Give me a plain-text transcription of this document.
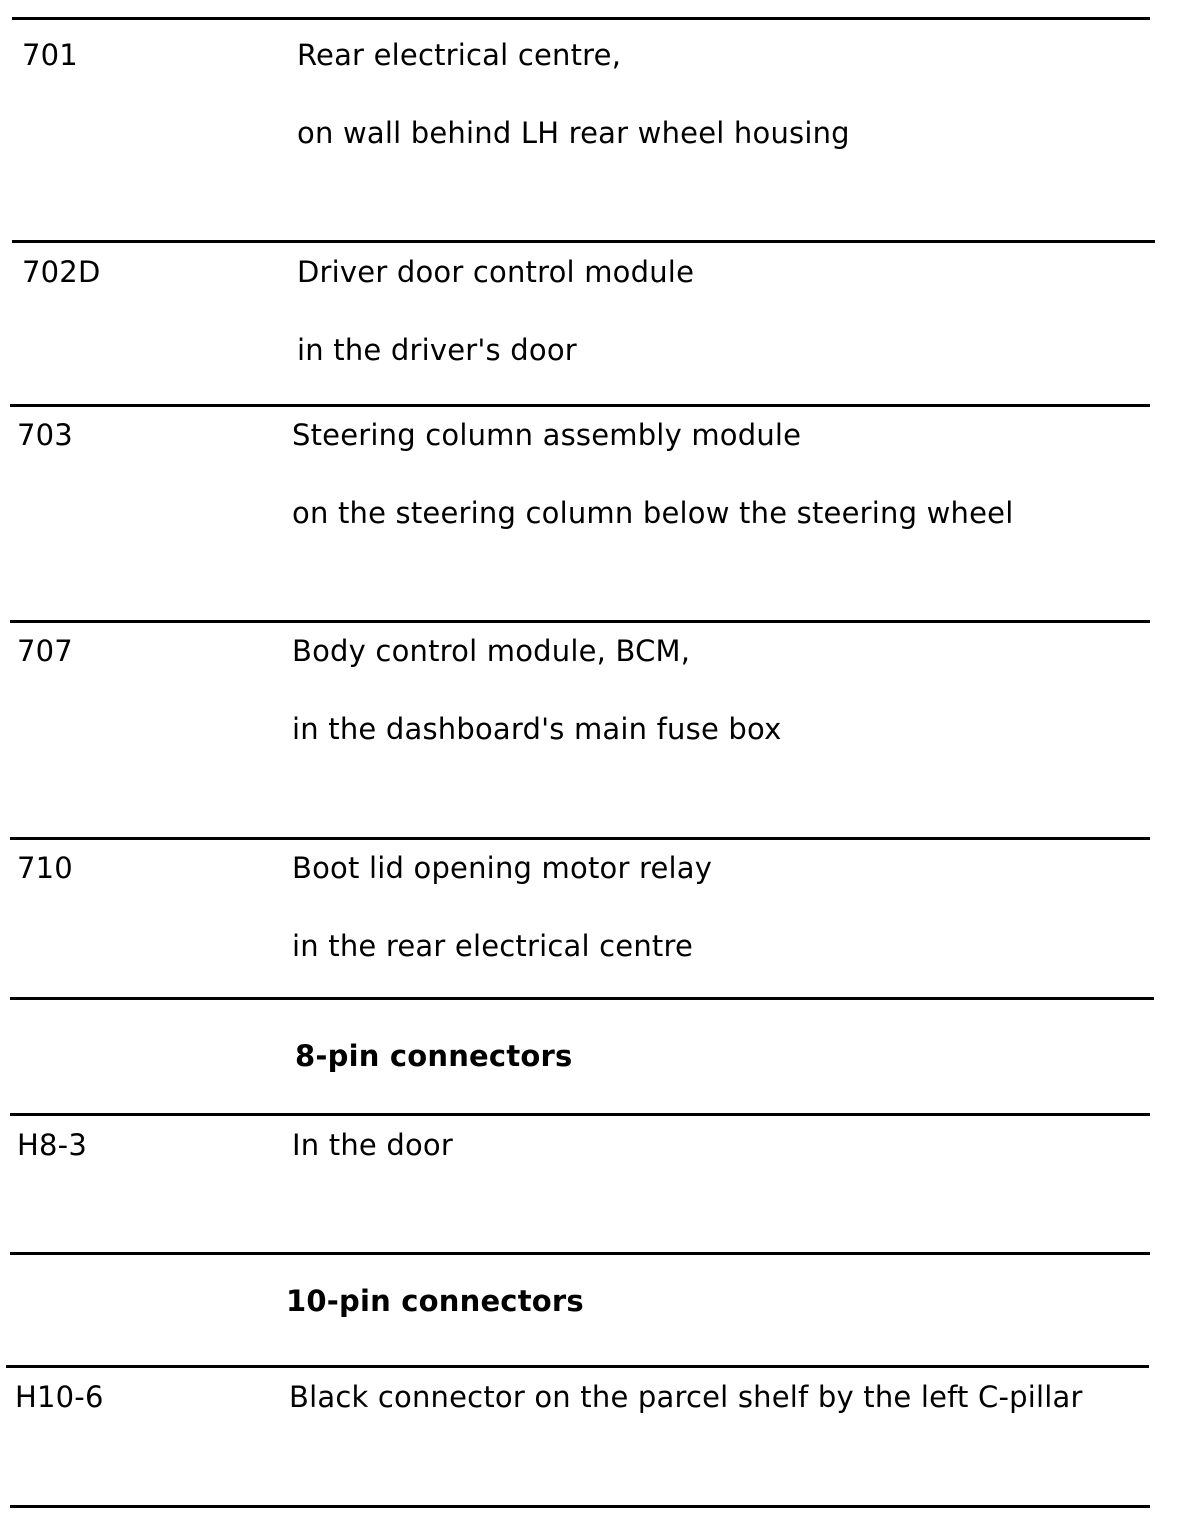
701	Rear electrical centre,
on wall behind LH rear wheel housing
702D	Driver door control module
in the driver's door
703	Steering column assembly module
on the steering column below the steering wheel
707	Body control module, BCM,
in the dashboard's main fuse box
710	Boot lid opening motor relay
in the rear electrical centre
8-pin connectors
H8-3	In the door
10-pin connectors
H10-6	Black connector on the parcel shelf by the left C-pillar
